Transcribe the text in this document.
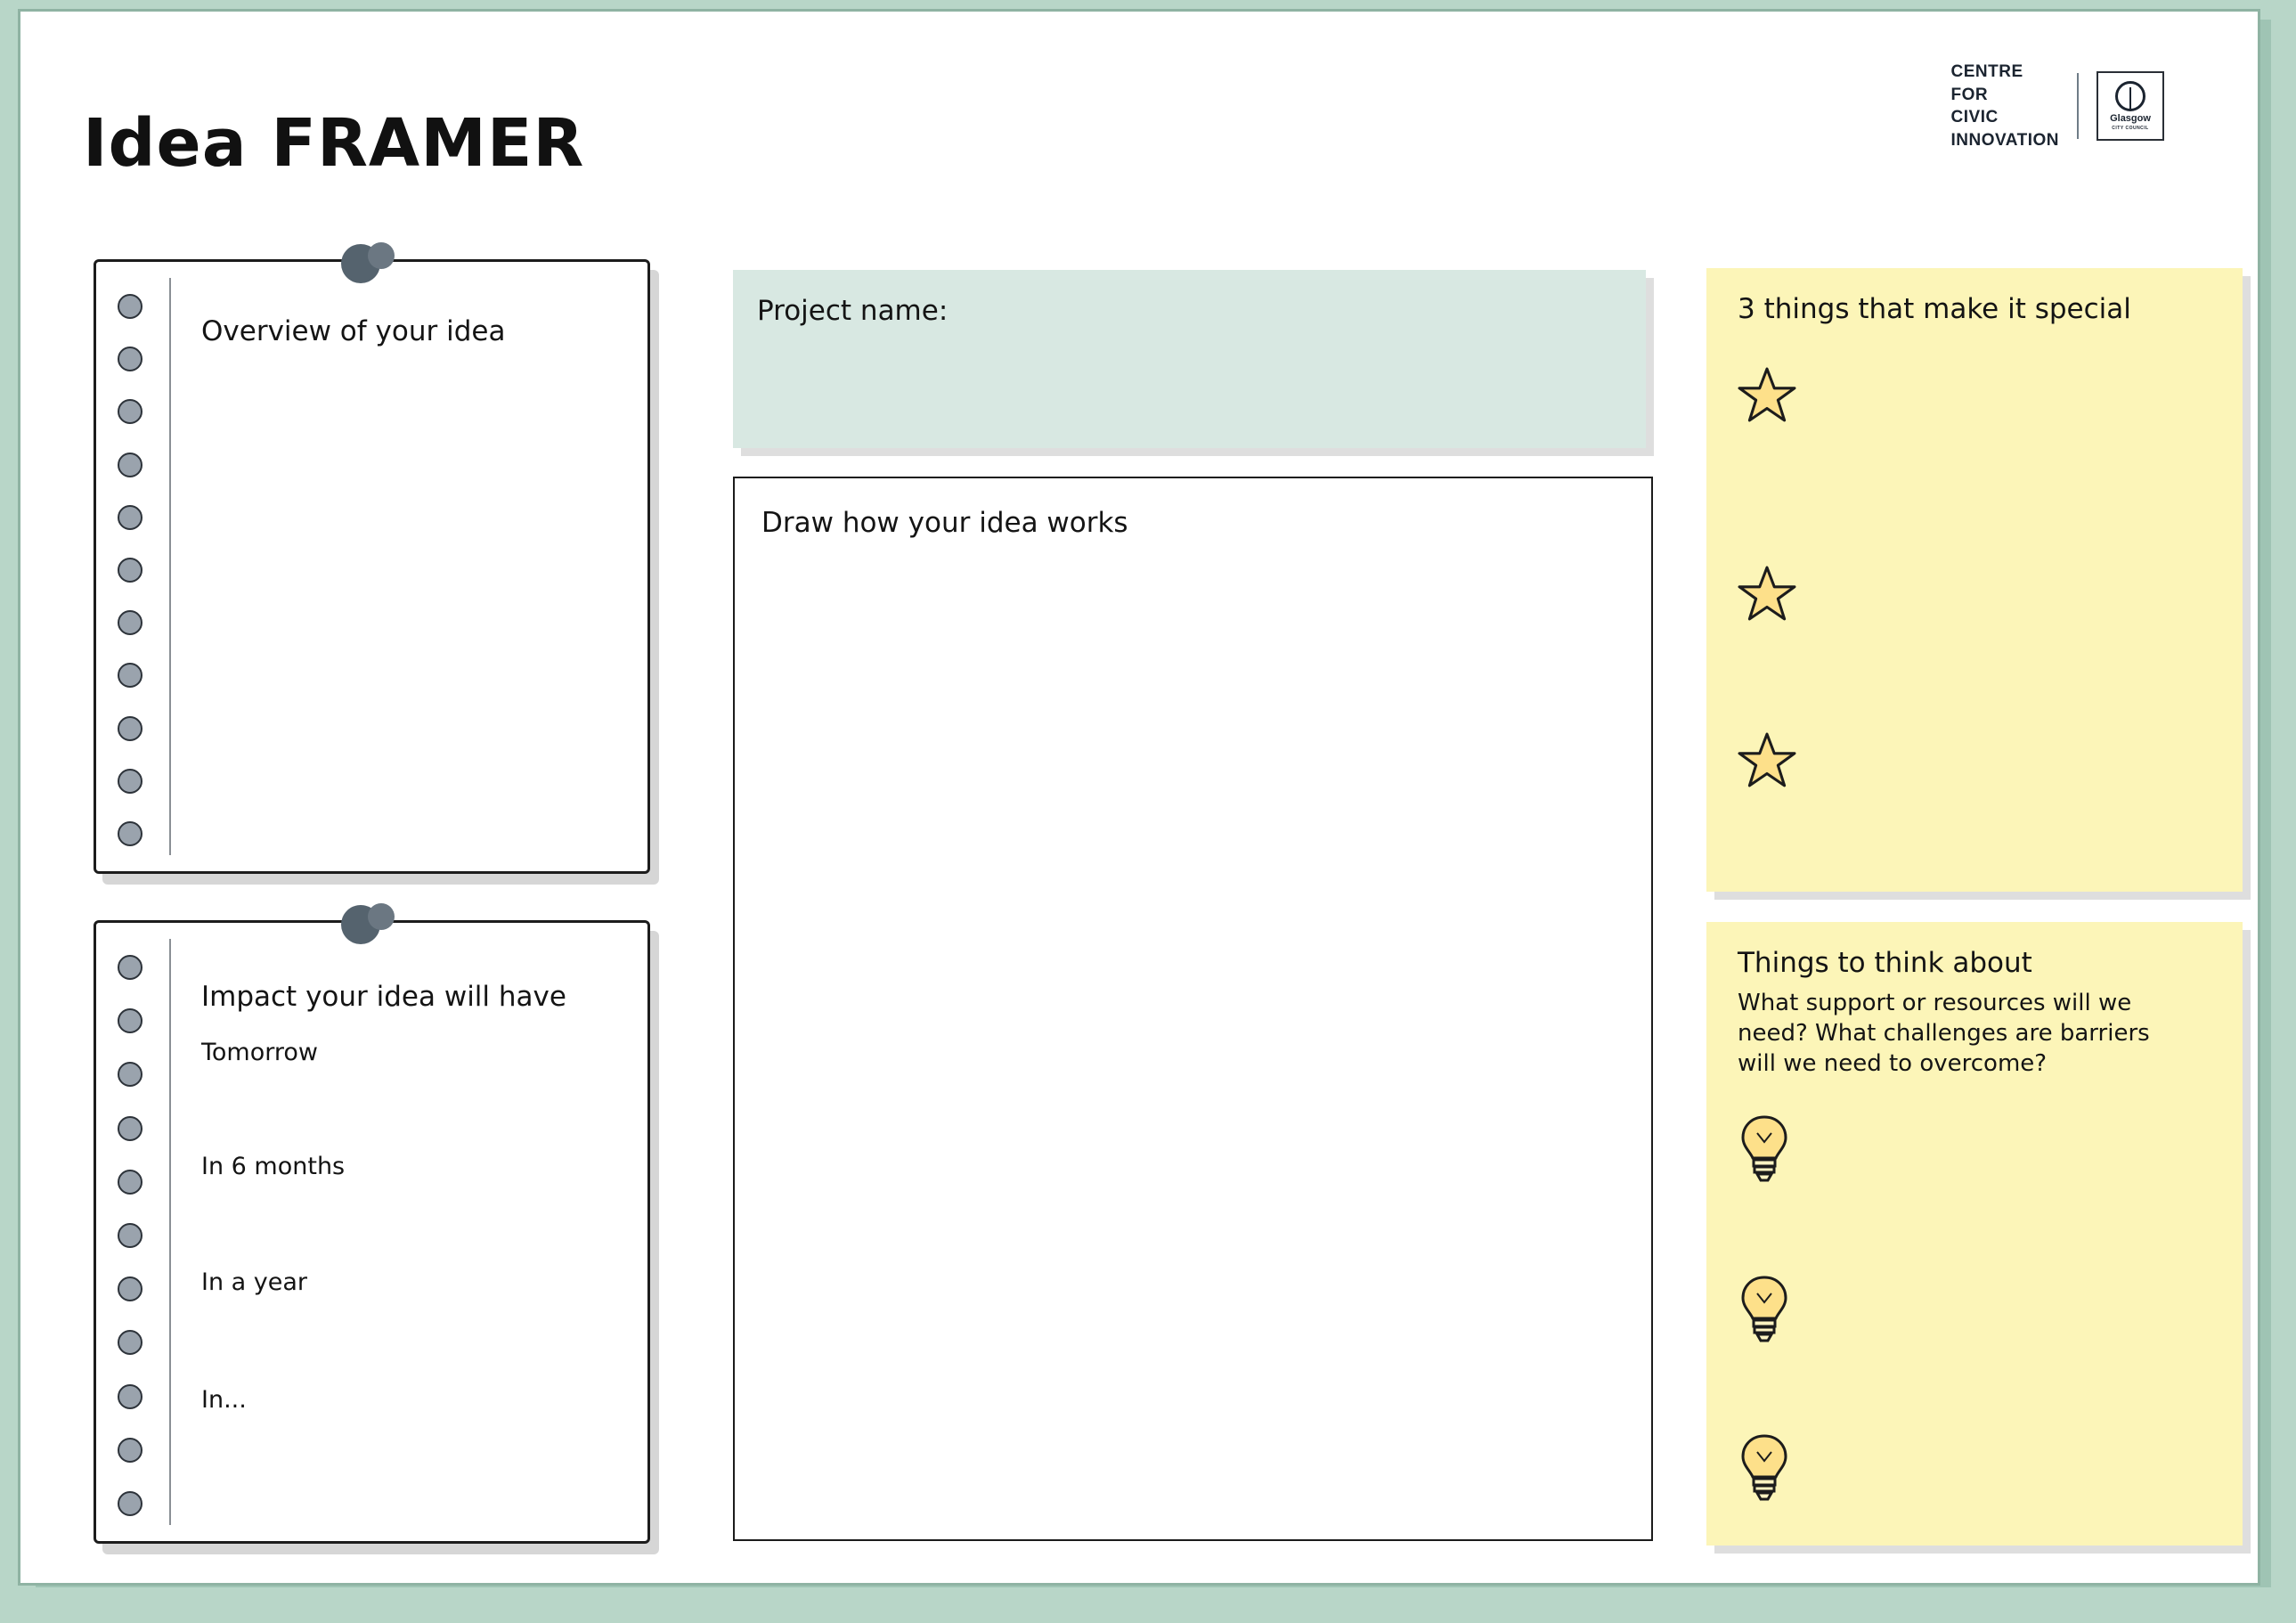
Idea FRAMER
CENTRE
FOR
CIVIC
INNOVATION
Glasgow
CITY COUNCIL
Overview of your idea
Impact your idea will have
Tomorrow
In 6 months
In a year
In...
Project name:
Draw how your idea works
3 things that make it special
Things to think about
What support or resources will we need? What challenges are barriers will we need to overcome?
